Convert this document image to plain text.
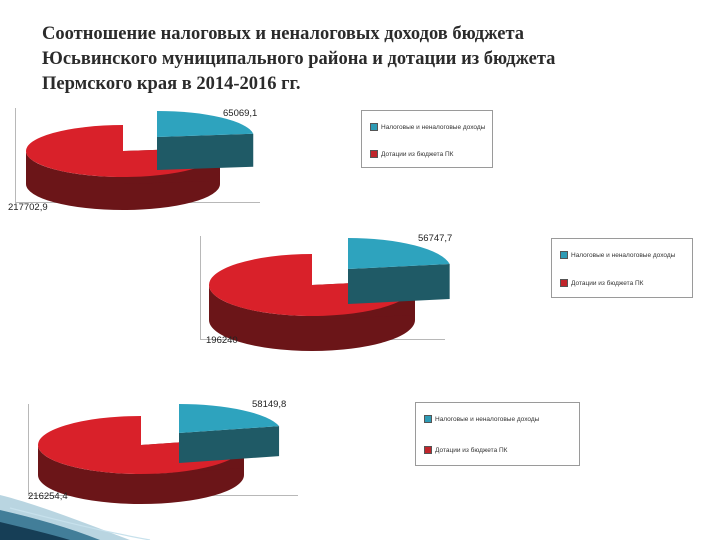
Соотношение налоговых и неналоговых доходов бюджета
Юсьвинского муниципального района и дотации из бюджета
Пермского края в 2014-2016 гг.
Налоговые и неналоговые доходы
Дотации из бюджета ПК
Налоговые и неналоговые доходы
Дотации из бюджета ПК
Налоговые и неналоговые доходы
Дотации из бюджета ПК
65069,1
217702,9
56747,7
196240
58149,8
216254,4
